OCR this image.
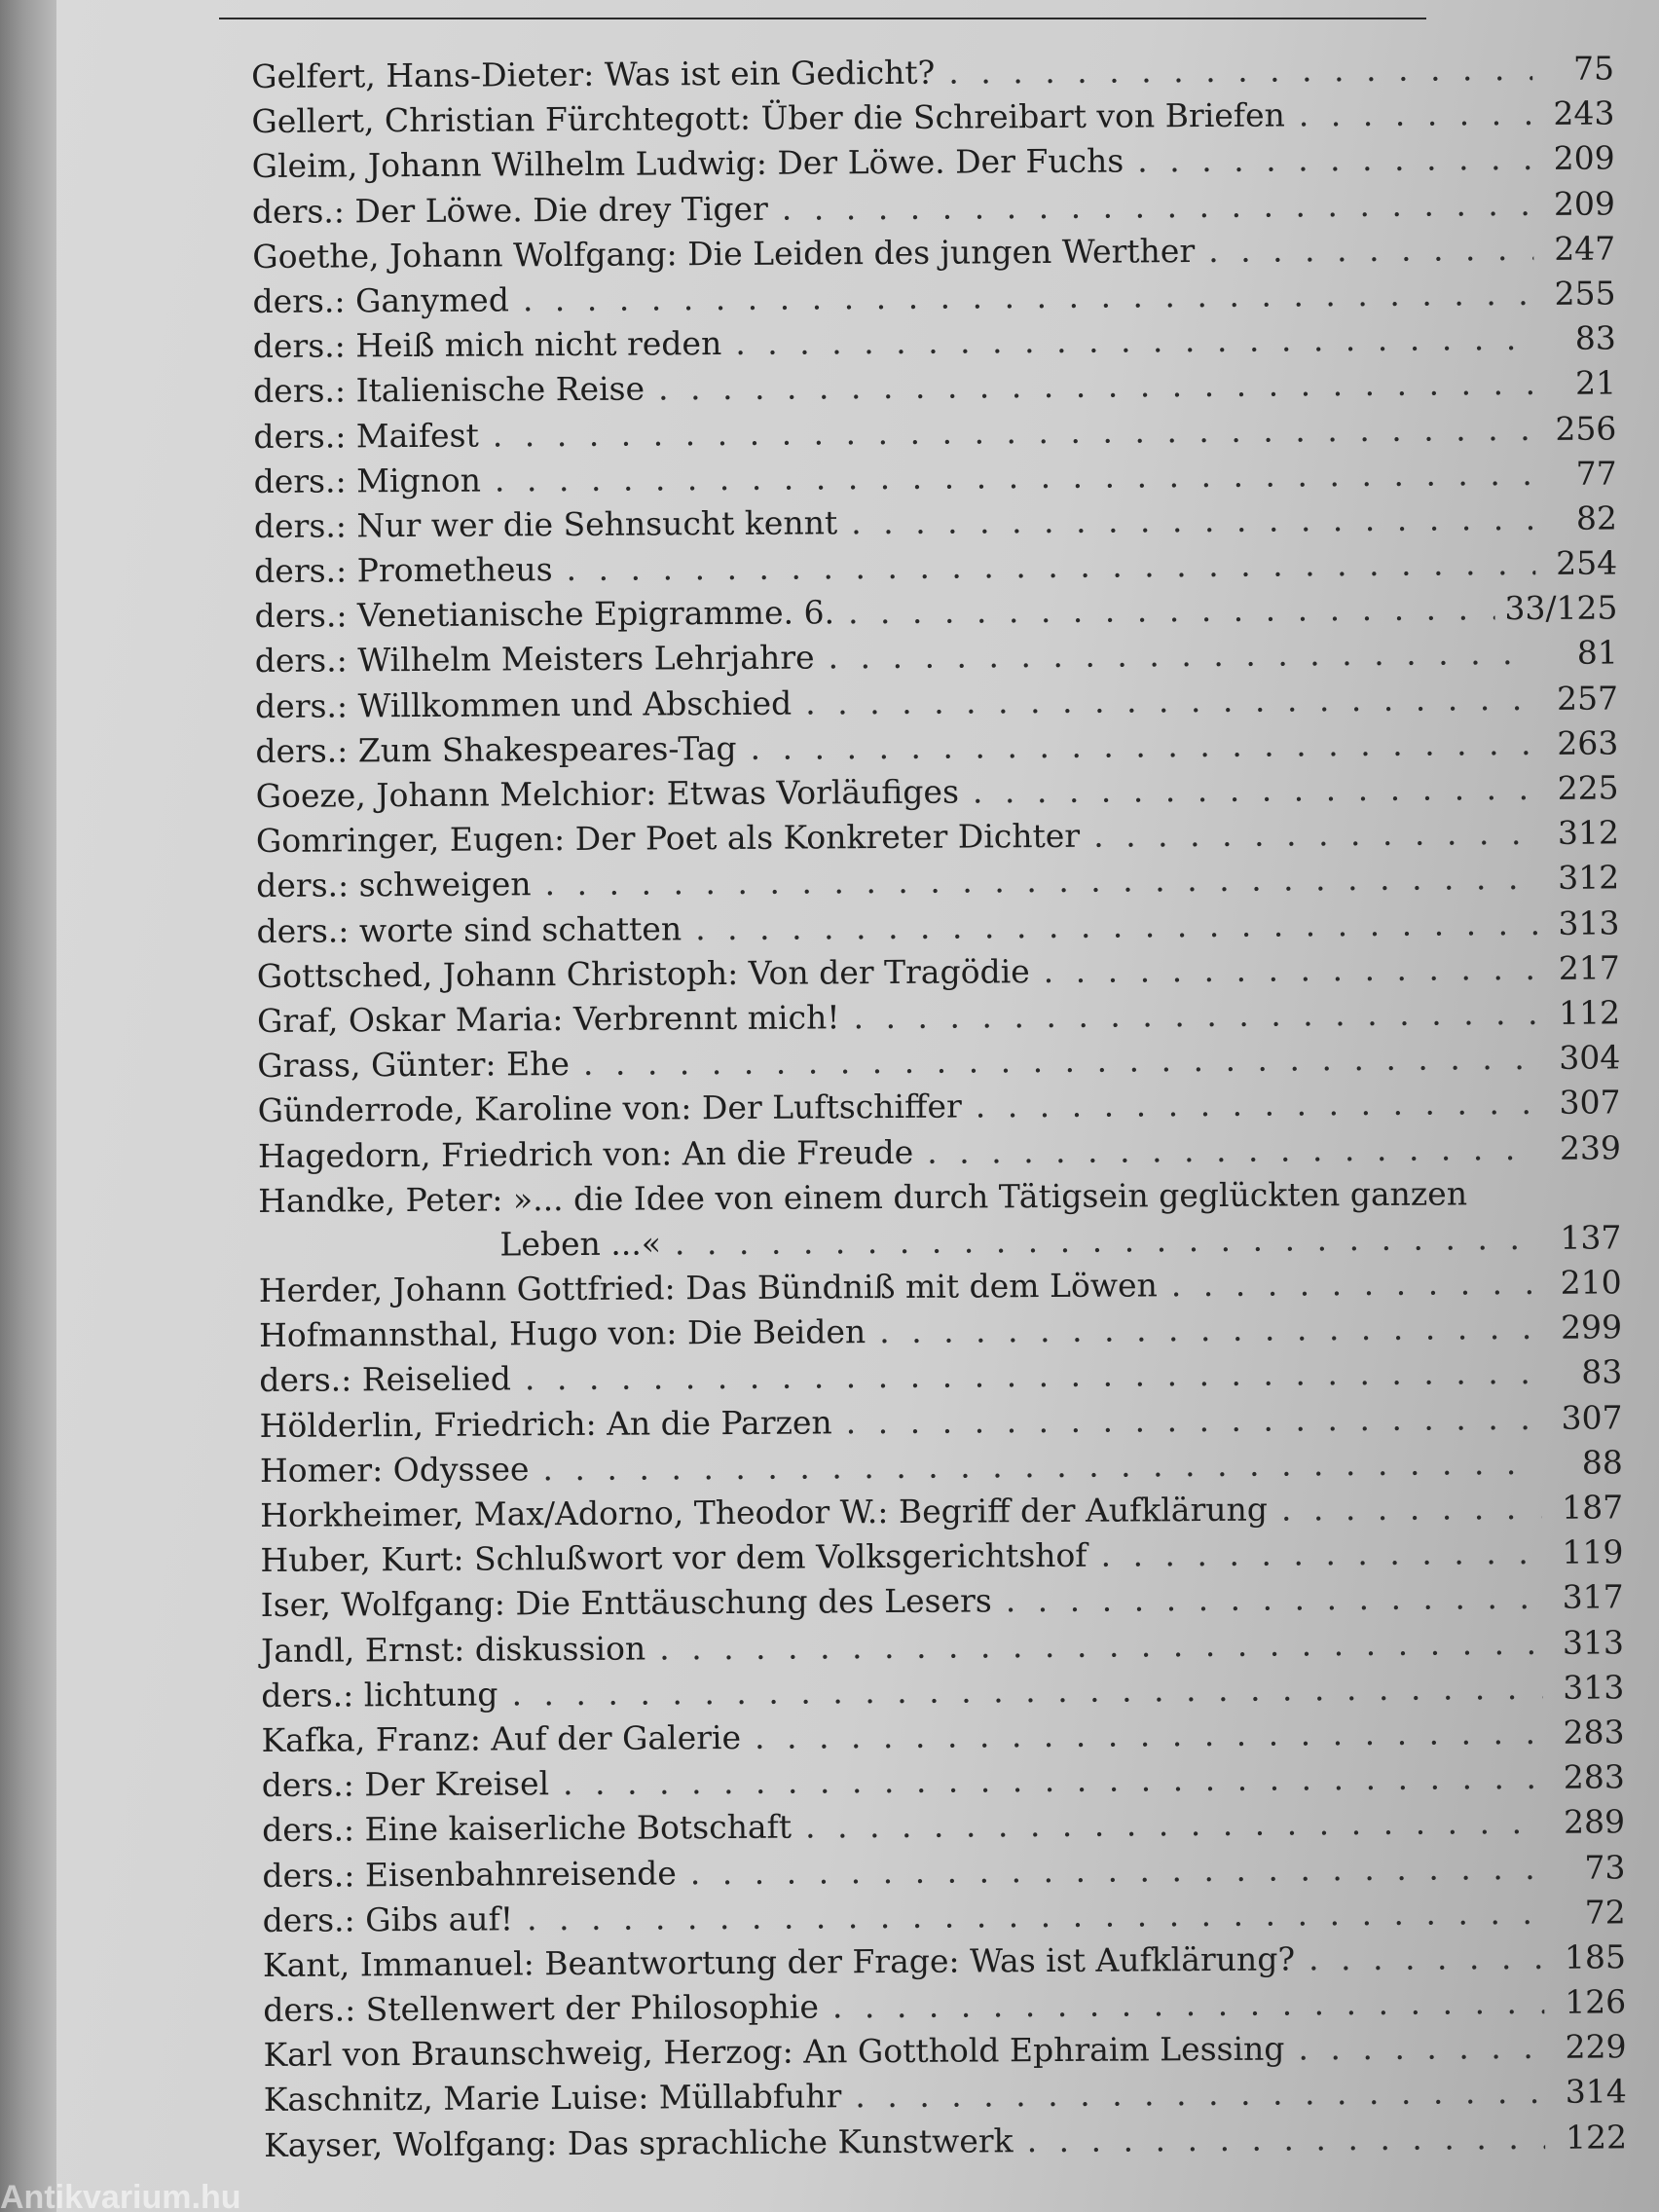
Gelfert, Hans-Dieter: Was ist ein Gedicht? . . .	75
Gellert, Christian Fürchtegott: Über die Schreibart von Briefen . . .	243
Gleim, Johann Wilhelm Ludwig: Der Löwe. Der Fuchs . . .	209
ders.: Der Löwe. Die drey Tiger . . .	209
Goethe, Johann Wolfgang: Die Leiden des jungen Werther . . .	247
ders.: Ganymed . . .	255
ders.: Heiß mich nicht reden . . .	83
ders.: Italienische Reise . . .	21
ders.: Maifest . . .	256
ders.: Mignon . . .	77
ders.: Nur wer die Sehnsucht kennt . . .	82
ders.: Prometheus . . .	254
ders.: Venetianische Epigramme. 6. . . .	33/125
ders.: Wilhelm Meisters Lehrjahre . . .	81
ders.: Willkommen und Abschied . . .	257
ders.: Zum Shakespeares-Tag . . .	263
Goeze, Johann Melchior: Etwas Vorläufiges . . .	225
Gomringer, Eugen: Der Poet als Konkreter Dichter . . .	312
ders.: schweigen . . .	312
ders.: worte sind schatten . . .	313
Gottsched, Johann Christoph: Von der Tragödie . . .	217
Graf, Oskar Maria: Verbrennt mich! . . .	112
Grass, Günter: Ehe . . .	304
Günderrode, Karoline von: Der Luftschiffer . . .	307
Hagedorn, Friedrich von: An die Freude . . .	239
Handke, Peter: »... die Idee von einem durch Tätigsein geglückten ganzen
Leben ...« . . .	137
Herder, Johann Gottfried: Das Bündniß mit dem Löwen . . .	210
Hofmannsthal, Hugo von: Die Beiden . . .	299
ders.: Reiselied . . .	83
Hölderlin, Friedrich: An die Parzen . . .	307
Homer: Odyssee . . .	88
Horkheimer, Max/Adorno, Theodor W.: Begriff der Aufklärung . . .	187
Huber, Kurt: Schlußwort vor dem Volksgerichtshof . . .	119
Iser, Wolfgang: Die Enttäuschung des Lesers . . .	317
Jandl, Ernst: diskussion . . .	313
ders.: lichtung . . .	313
Kafka, Franz: Auf der Galerie . . .	283
ders.: Der Kreisel . . .	283
ders.: Eine kaiserliche Botschaft . . .	289
ders.: Eisenbahnreisende . . .	73
ders.: Gibs auf! . . .	72
Kant, Immanuel: Beantwortung der Frage: Was ist Aufklärung? . . .	185
ders.: Stellenwert der Philosophie . . .	126
Karl von Braunschweig, Herzog: An Gotthold Ephraim Lessing . . .	229
Kaschnitz, Marie Luise: Müllabfuhr . . .	314
Kayser, Wolfgang: Das sprachliche Kunstwerk . . .	122
Antikvarium.hu
